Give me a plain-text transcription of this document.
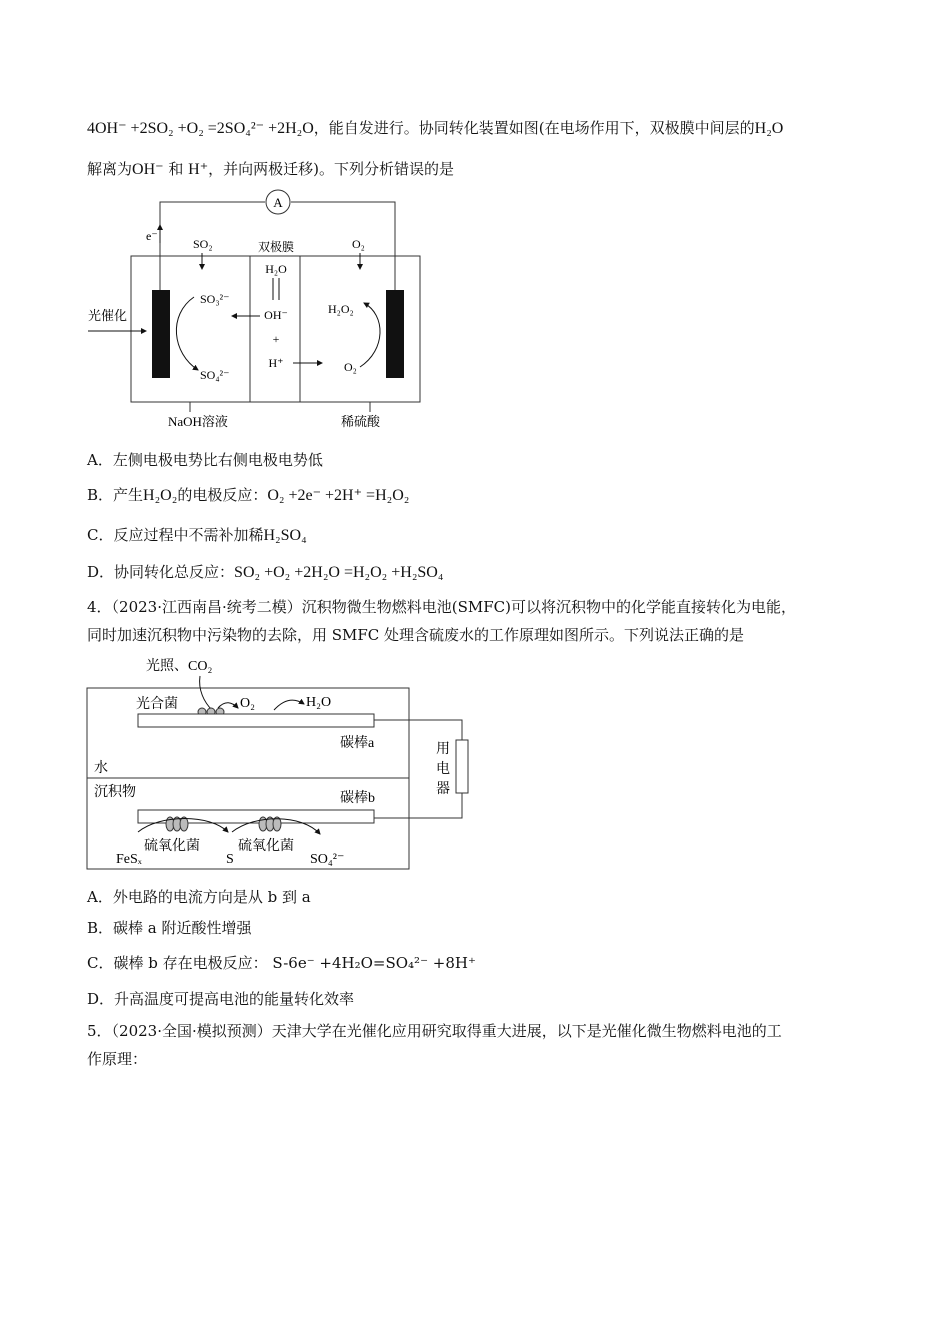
4OH⁻ +2SO₂ +O₂ =2SO₄²⁻ +2H₂O，能自发进行。协同转化装置如图(在电场作用下，双极膜中间层的H₂O
解离为OH⁻ 和 H⁺，并向两极迁移)。下列分析错误的是
A
e⁻
SO₂	双极膜	O₂
H₂O
OH⁻
+
H⁺
光催化
SO₃²⁻
SO₄²⁻
H₂O₂
O₂
NaOH溶液	稀硫酸
A．左侧电极电势比右侧电极电势低
B．产生H₂O₂的电极反应：O₂ +2e⁻ +2H⁺ =H₂O₂
C．反应过程中不需补加稀H₂SO₄
D．协同转化总反应：SO₂ +O₂ +2H₂O =H₂O₂ +H₂SO₄
4．（2023·江西南昌·统考二模）沉积物微生物燃料电池(SMFC)可以将沉积物中的化学能直接转化为电能，
同时加速沉积物中污染物的去除，用 SMFC 处理含硫废水的工作原理如图所示。下列说法正确的是
光照、CO₂
光合菌	O₂	H₂O
碳棒a	用
电
器
水
沉积物	碳棒b
硫氧化菌	硫氧化菌
FeSₓ	S	SO₄²⁻
A．外电路的电流方向是从 b 到 a
B．碳棒 a 附近酸性增强
C．碳棒 b 存在电极反应： S-6e⁻ +4H₂O=SO₄²⁻ +8H⁺
D．升高温度可提高电池的能量转化效率
5．（2023·全国·模拟预测）天津大学在光催化应用研究取得重大进展，以下是光催化微生物燃料电池的工
作原理：
